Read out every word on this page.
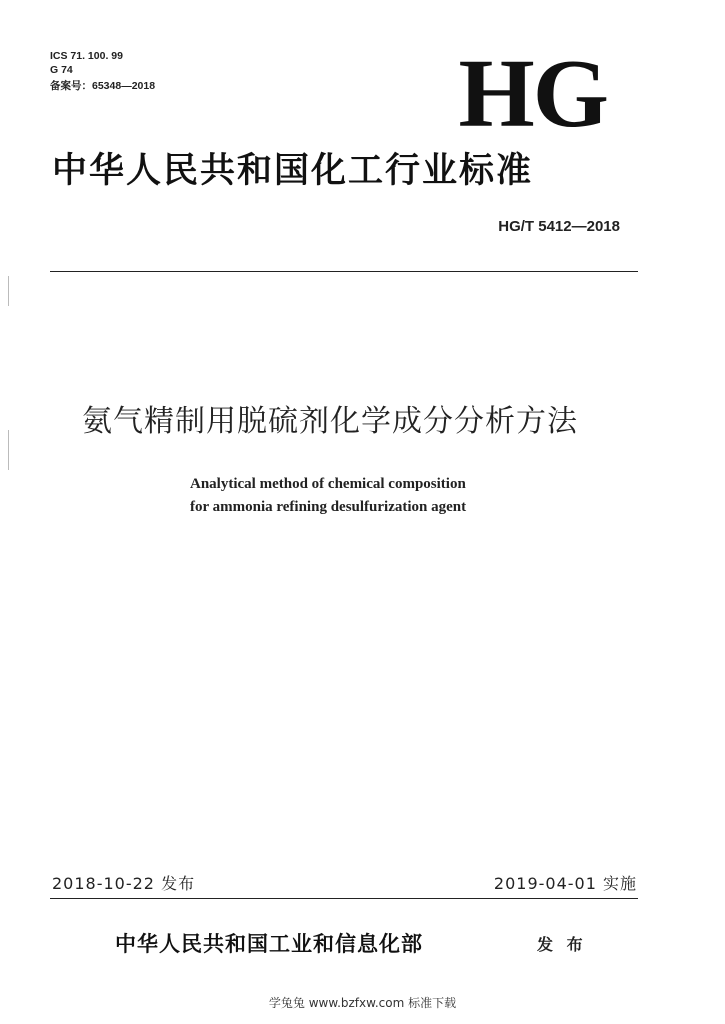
ICS 71. 100. 99
G 74
备案号：65348—2018	HG
中华人民共和国化工行业标准
HG/T 5412—2018
氨气精制用脱硫剂化学成分分析方法
Analytical method of chemical composition
for ammonia refining desulfurization agent
2018-10-22 发布	2019-04-01 实施
中华人民共和国工业和信息化部	发 布
学兔兔 www.bzfxw.com 标准下载
